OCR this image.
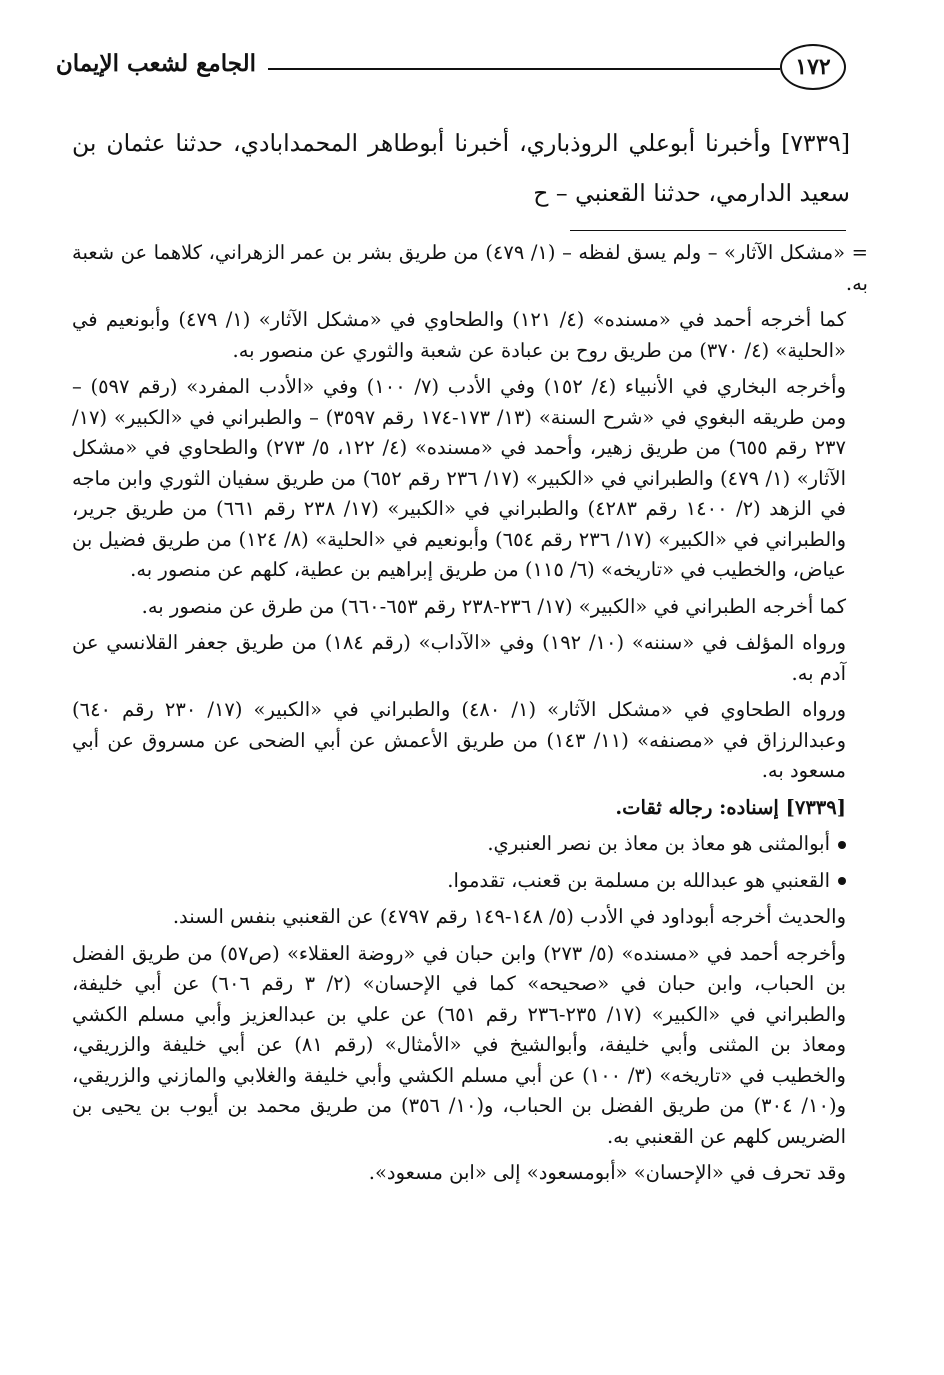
١٧٢
الجامع لشعب الإيمان
[٧٣٣٩] وأخبرنا أبوعلي الروذباري، أخبرنا أبوطاهر المحمدابادي، حدثنا عثمان بن سعيد الدارمي، حدثنا القعنبي – ح

= «مشكل الآثار» – ولم يسق لفظه – (١/ ٤٧٩) من طريق بشر بن عمر الزهراني، كلاهما عن شعبة به.

كما أخرجه أحمد في «مسنده» (٤/ ١٢١) والطحاوي في «مشكل الآثار» (١/ ٤٧٩) وأبونعيم في «الحلية» (٤/ ٣٧٠) من طريق روح بن عبادة عن شعبة والثوري عن منصور به.

وأخرجه البخاري في الأنبياء (٤/ ١٥٢) وفي الأدب (٧/ ١٠٠) وفي «الأدب المفرد» (رقم ٥٩٧) – ومن طريقه البغوي في «شرح السنة» (١٣/ ١٧٣-١٧٤ رقم ٣٥٩٧) – والطبراني في «الكبير» (١٧/ ٢٣٧ رقم ٦٥٥) من طريق زهير، وأحمد في «مسنده» (٤/ ١٢٢، ٥/ ٢٧٣) والطحاوي في «مشكل الآثار» (١/ ٤٧٩) والطبراني في «الكبير» (١٧/ ٢٣٦ رقم ٦٥٢) من طريق سفيان الثوري وابن ماجه في الزهد (٢/ ١٤٠٠ رقم ٤٢٨٣) والطبراني في «الكبير» (١٧/ ٢٣٨ رقم ٦٦١) من طريق جرير، والطبراني في «الكبير» (١٧/ ٢٣٦ رقم ٦٥٤) وأبونعيم في «الحلية» (٨/ ١٢٤) من طريق فضيل بن عياض، والخطيب في «تاريخه» (٦/ ١١٥) من طريق إبراهيم بن عطية، كلهم عن منصور به.

كما أخرجه الطبراني في «الكبير» (١٧/ ٢٣٦-٢٣٨ رقم ٦٥٣-٦٦٠) من طرق عن منصور به.

ورواه المؤلف في «سننه» (١٠/ ١٩٢) وفي «الآداب» (رقم ١٨٤) من طريق جعفر القلانسي عن آدم به.

ورواه الطحاوي في «مشكل الآثار» (١/ ٤٨٠) والطبراني في «الكبير» (١٧/ ٢٣٠ رقم ٦٤٠) وعبدالرزاق في «مصنفه» (١١/ ١٤٣) من طريق الأعمش عن أبي الضحى عن مسروق عن أبي مسعود به.

[٧٣٣٩] إسناده: رجاله ثقات.

أبوالمثنى هو معاذ بن معاذ بن نصر العنبري.

القعنبي هو عبدالله بن مسلمة بن قعنب، تقدموا.

والحديث أخرجه أبوداود في الأدب (٥/ ١٤٨-١٤٩ رقم ٤٧٩٧) عن القعنبي بنفس السند.

وأخرجه أحمد في «مسنده» (٥/ ٢٧٣) وابن حبان في «روضة العقلاء» (ص٥٧) من طريق الفضل بن الحباب، وابن حبان في «صحيحه» كما في الإحسان» (٢/ ٣ رقم ٦٠٦) عن أبي خليفة، والطبراني في «الكبير» (١٧/ ٢٣٥-٢٣٦ رقم ٦٥١) عن علي بن عبدالعزيز وأبي مسلم الكشي ومعاذ بن المثنى وأبي خليفة، وأبوالشيخ في «الأمثال» (رقم ٨١) عن أبي خليفة والزريقي، والخطيب في «تاريخه» (٣/ ١٠٠) عن أبي مسلم الكشي وأبي خليفة والغلابي والمازني والزريقي، و(١٠/ ٣٠٤) من طريق الفضل بن الحباب، و(١٠/ ٣٥٦) من طريق محمد بن أيوب بن يحيى بن الضريس كلهم عن القعنبي به.

وقد تحرف في «الإحسان» «أبومسعود» إلى «ابن مسعود».
